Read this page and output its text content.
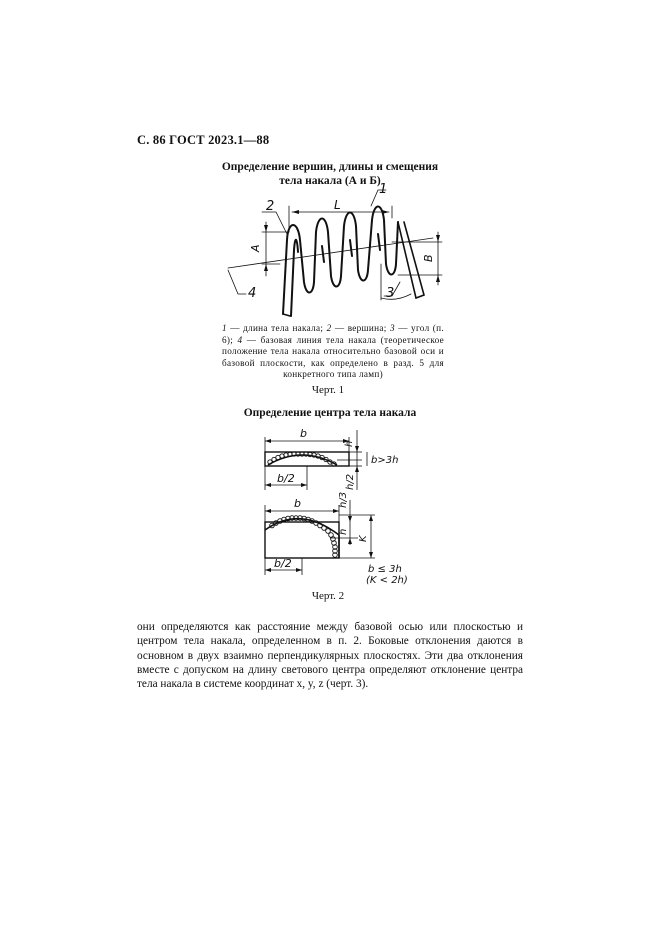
С. 86 ГОСТ 2023.1—88
Определение вершин, длины и смещения
тела накала (А и Б)
1
2	L
A
B
3
4
b
b/2
h
h/2
b>3h
b
b/2
h
h/3
K
b ≤ 3h
(K < 2h)
1 — длина тела накала; 2 — вершина; 3 — угол (п. 6); 4 — базовая линия тела накала (теоретическое положение тела накала относительно базовой оси и базовой плоскости, как определено в разд. 5 для конкретного типа ламп)
Черт. 1
Определение центра тела накала
Черт. 2
они определяются как расстояние между базовой осью или плоскостью и центром тела накала, определенном в п. 2. Боковые отклонения даются в основном в двух взаимно перпендикулярных плоскостях. Эти два отклонения вместе с допуском на длину светового центра определяют отклонение центра тела накала в системе координат x, y, z (черт. 3).
